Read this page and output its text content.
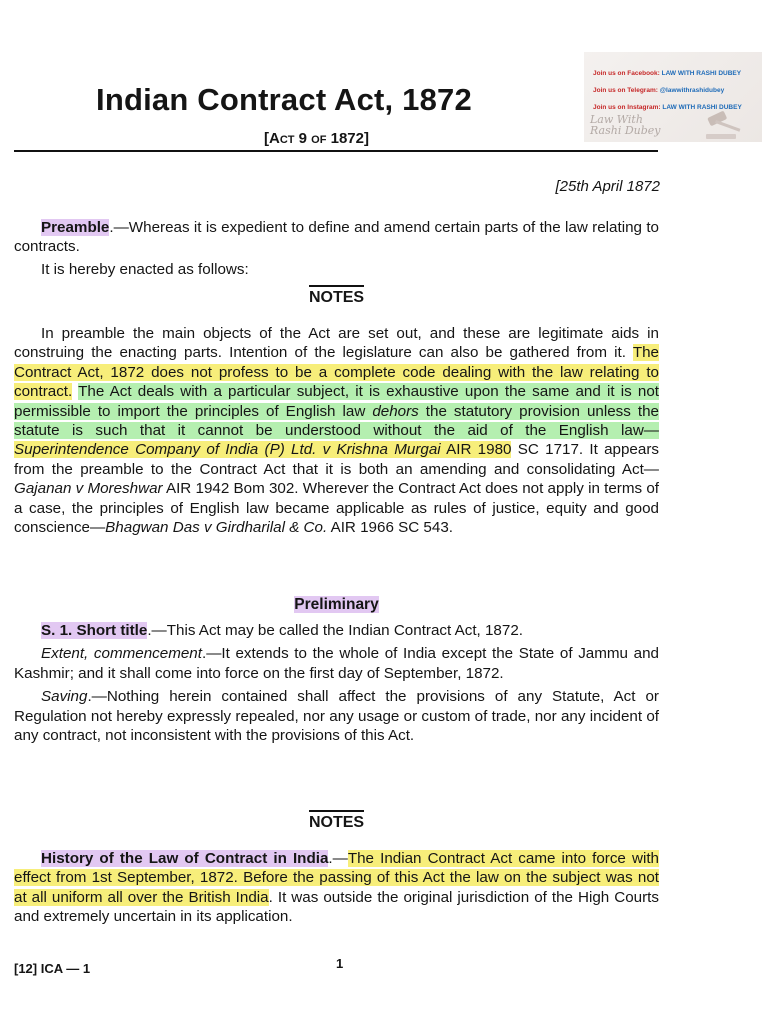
Indian Contract Act, 1872
[Act 9 of 1872]
Join us on Facebook: LAW WITH RASHI DUBEY
Join us on Telegram: @lawwithrashidubey
Join us on Instagram: LAW WITH RASHI DUBEY
Law With
Rashi Dubey
[25th April 1872

Preamble.—Whereas it is expedient to define and amend certain parts of the law relating to contracts.

It is hereby enacted as follows:

NOTES

In preamble the main objects of the Act are set out, and these are legitimate aids in construing the enacting parts. Intention of the legislature can also be gathered from it. The Contract Act, 1872 does not profess to be a complete code dealing with the law relating to contract. The Act deals with a particular subject, it is exhaustive upon the same and it is not permissible to import the principles of English law dehors the statutory provision unless the statute is such that it cannot be understood without the aid of the English law—Superintendence Company of India (P) Ltd. v Krishna Murgai AIR 1980 SC 1717. It appears from the preamble to the Contract Act that it is both an amending and consolidating Act—Gajanan v Moreshwar AIR 1942 Bom 302. Wherever the Contract Act does not apply in terms of a case, the principles of English law became applicable as rules of justice, equity and good conscience—Bhagwan Das v Girdharilal & Co. AIR 1966 SC 543.

Preliminary

S. 1. Short title.—This Act may be called the Indian Contract Act, 1872.

Extent, commencement.—It extends to the whole of India except the State of Jammu and Kashmir; and it shall come into force on the first day of September, 1872.

Saving.—Nothing herein contained shall affect the provisions of any Statute, Act or Regulation not hereby expressly repealed, nor any usage or custom of trade, nor any incident of any contract, not inconsistent with the provisions of this Act.

NOTES

History of the Law of Contract in India.—The Indian Contract Act came into force with effect from 1st September, 1872. Before the passing of this Act the law on the subject was not at all uniform all over the British India. It was outside the original jurisdiction of the High Courts and extremely uncertain in its application.

[12] ICA — 1	1
